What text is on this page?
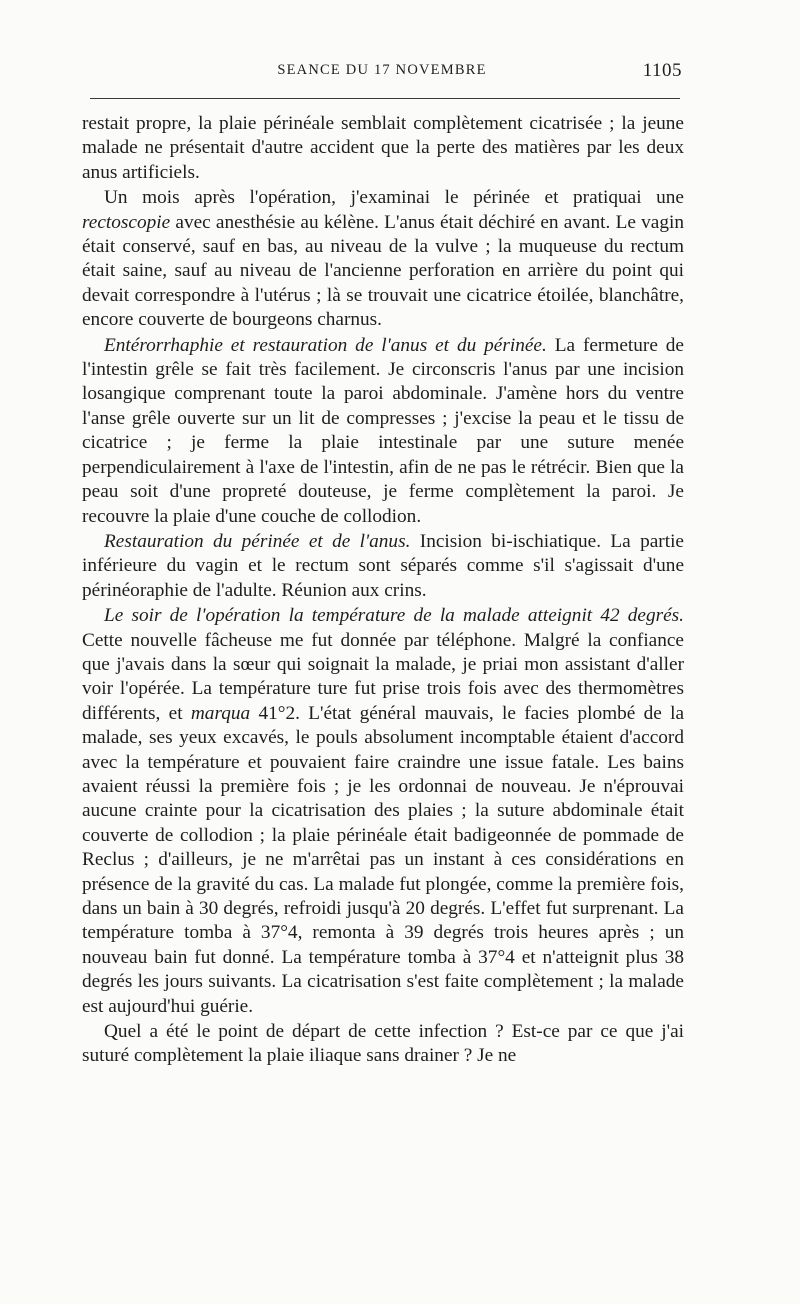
SEANCE DU 17 NOVEMBRE	1105

restait propre, la plaie périnéale semblait complètement cicatrisée ; la jeune malade ne présentait d'autre accident que la perte des matières par les deux anus artificiels.

Un mois après l'opération, j'examinai le périnée et pratiquai une rectoscopie avec anesthésie au kélène. L'anus était déchiré en avant. Le vagin était conservé, sauf en bas, au niveau de la vulve ; la muqueuse du rectum était saine, sauf au niveau de l'ancienne perforation en arrière du point qui devait correspondre à l'utérus ; là se trouvait une cicatrice étoilée, blanchâtre, encore couverte de bourgeons charnus.

Entérorrhaphie et restauration de l'anus et du périnée. La fermeture de l'intestin grêle se fait très facilement. Je circonscris l'anus par une incision losangique comprenant toute la paroi abdominale. J'amène hors du ventre l'anse grêle ouverte sur un lit de compresses ; j'excise la peau et le tissu de cicatrice ; je ferme la plaie intestinale par une suture menée perpendiculairement à l'axe de l'intestin, afin de ne pas le rétrécir. Bien que la peau soit d'une propreté douteuse, je ferme complètement la paroi. Je recouvre la plaie d'une couche de collodion.

Restauration du périnée et de l'anus. Incision bi-ischiatique. La partie inférieure du vagin et le rectum sont séparés comme s'il s'agissait d'une périnéoraphie de l'adulte. Réunion aux crins.

Le soir de l'opération la température de la malade atteignit 42 degrés. Cette nouvelle fâcheuse me fut donnée par téléphone. Malgré la confiance que j'avais dans la sœur qui soignait la malade, je priai mon assistant d'aller voir l'opérée. La température ture fut prise trois fois avec des thermomètres différents, et marqua 41°2. L'état général mauvais, le facies plombé de la malade, ses yeux excavés, le pouls absolument incomptable étaient d'accord avec la température et pouvaient faire craindre une issue fatale. Les bains avaient réussi la première fois ; je les ordonnai de nouveau. Je n'éprouvai aucune crainte pour la cicatrisation des plaies ; la suture abdominale était couverte de collodion ; la plaie périnéale était badigeonnée de pommade de Reclus ; d'ailleurs, je ne m'arrêtai pas un instant à ces considérations en présence de la gravité du cas. La malade fut plongée, comme la première fois, dans un bain à 30 degrés, refroidi jusqu'à 20 degrés. L'effet fut surprenant. La température tomba à 37°4, remonta à 39 degrés trois heures après ; un nouveau bain fut donné. La température tomba à 37°4 et n'atteignit plus 38 degrés les jours suivants. La cicatrisation s'est faite complètement ; la malade est aujourd'hui guérie.

Quel a été le point de départ de cette infection ? Est-ce par ce que j'ai suturé complètement la plaie iliaque sans drainer ? Je ne
